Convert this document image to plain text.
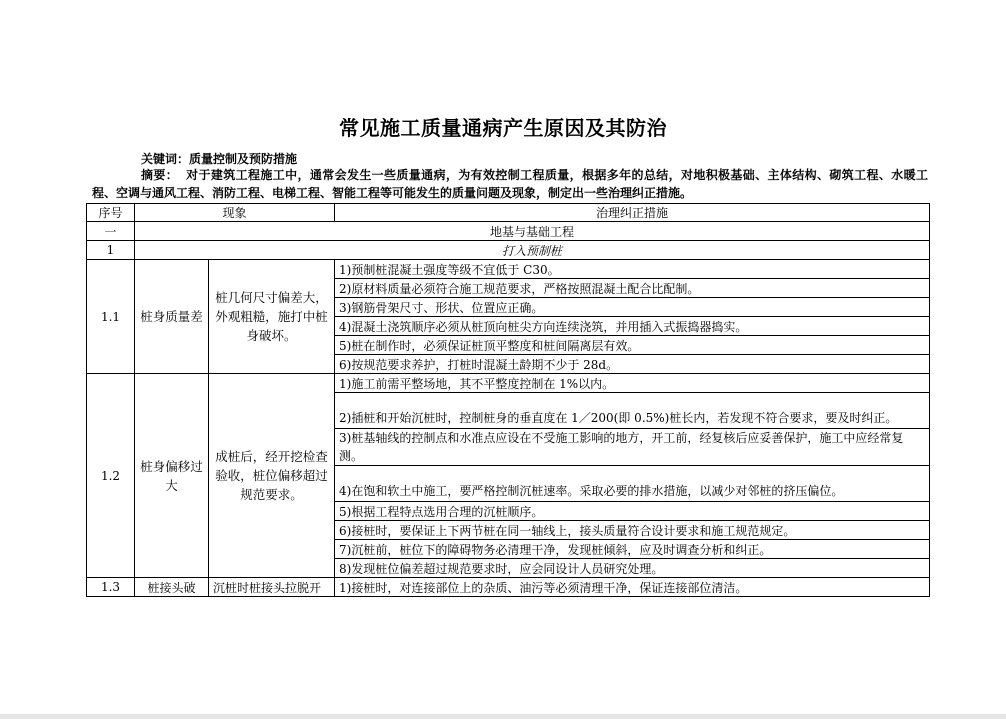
常见施工质量通病产生原因及其防治
关键词：质量控制及预防措施
摘要： 对于建筑工程施工中，通常会发生一些质量通病，为有效控制工程质量，根据多年的总结，对地积极基础、主体结构、砌筑工程、水暖工程、空调与通风工程、消防工程、电梯工程、智能工程等可能发生的质量问题及现象，制定出一些治理纠正措施。
序号	现象		治理纠正措施
一	地基与基础工程		
1	打入预制桩		
1.1	桩身质量差	桩几何尺寸偏差大，外观粗糙，施打中桩身破坏。	1)预制桩混凝土强度等级不宜低于 C30。
			2)原材料质量必须符合施工规范要求，严格按照混凝土配合比配制。
			3)钢筋骨架尺寸、形状、位置应正确。
			4)混凝土浇筑顺序必须从桩顶向桩尖方向连续浇筑，并用插入式振捣器捣实。
			5)桩在制作时，必须保证桩顶平整度和桩间隔离层有效。
			6)按规范要求养护，打桩时混凝土龄期不少于 28d。
1.2	桩身偏移过大	成桩后，经开挖检查验收，桩位偏移超过规范要求。	1)施工前需平整场地，其不平整度控制在 1%以内。
			2)插桩和开始沉桩时，控制桩身的垂直度在 1／200(即 0.5%)桩长内，若发现不符合要求，要及时纠正。
			3)桩基轴线的控制点和水准点应设在不受施工影响的地方，开工前，经复核后应妥善保护，施工中应经常复测。
			4)在饱和软土中施工，要严格控制沉桩速率。采取必要的排水措施，以减少对邻桩的挤压偏位。
			5)根据工程特点选用合理的沉桩顺序。
			6)接桩时，要保证上下两节桩在同一轴线上，接头质量符合设计要求和施工规范规定。
			7)沉桩前，桩位下的障碍物务必清理干净，发现桩倾斜，应及时调查分析和纠正。
			8)发现桩位偏差超过规范要求时，应会同设计人员研究处理。
1.3	桩接头破	沉桩时桩接头拉脱开	1)接桩时，对连接部位上的杂质、油污等必须清理干净，保证连接部位清洁。
